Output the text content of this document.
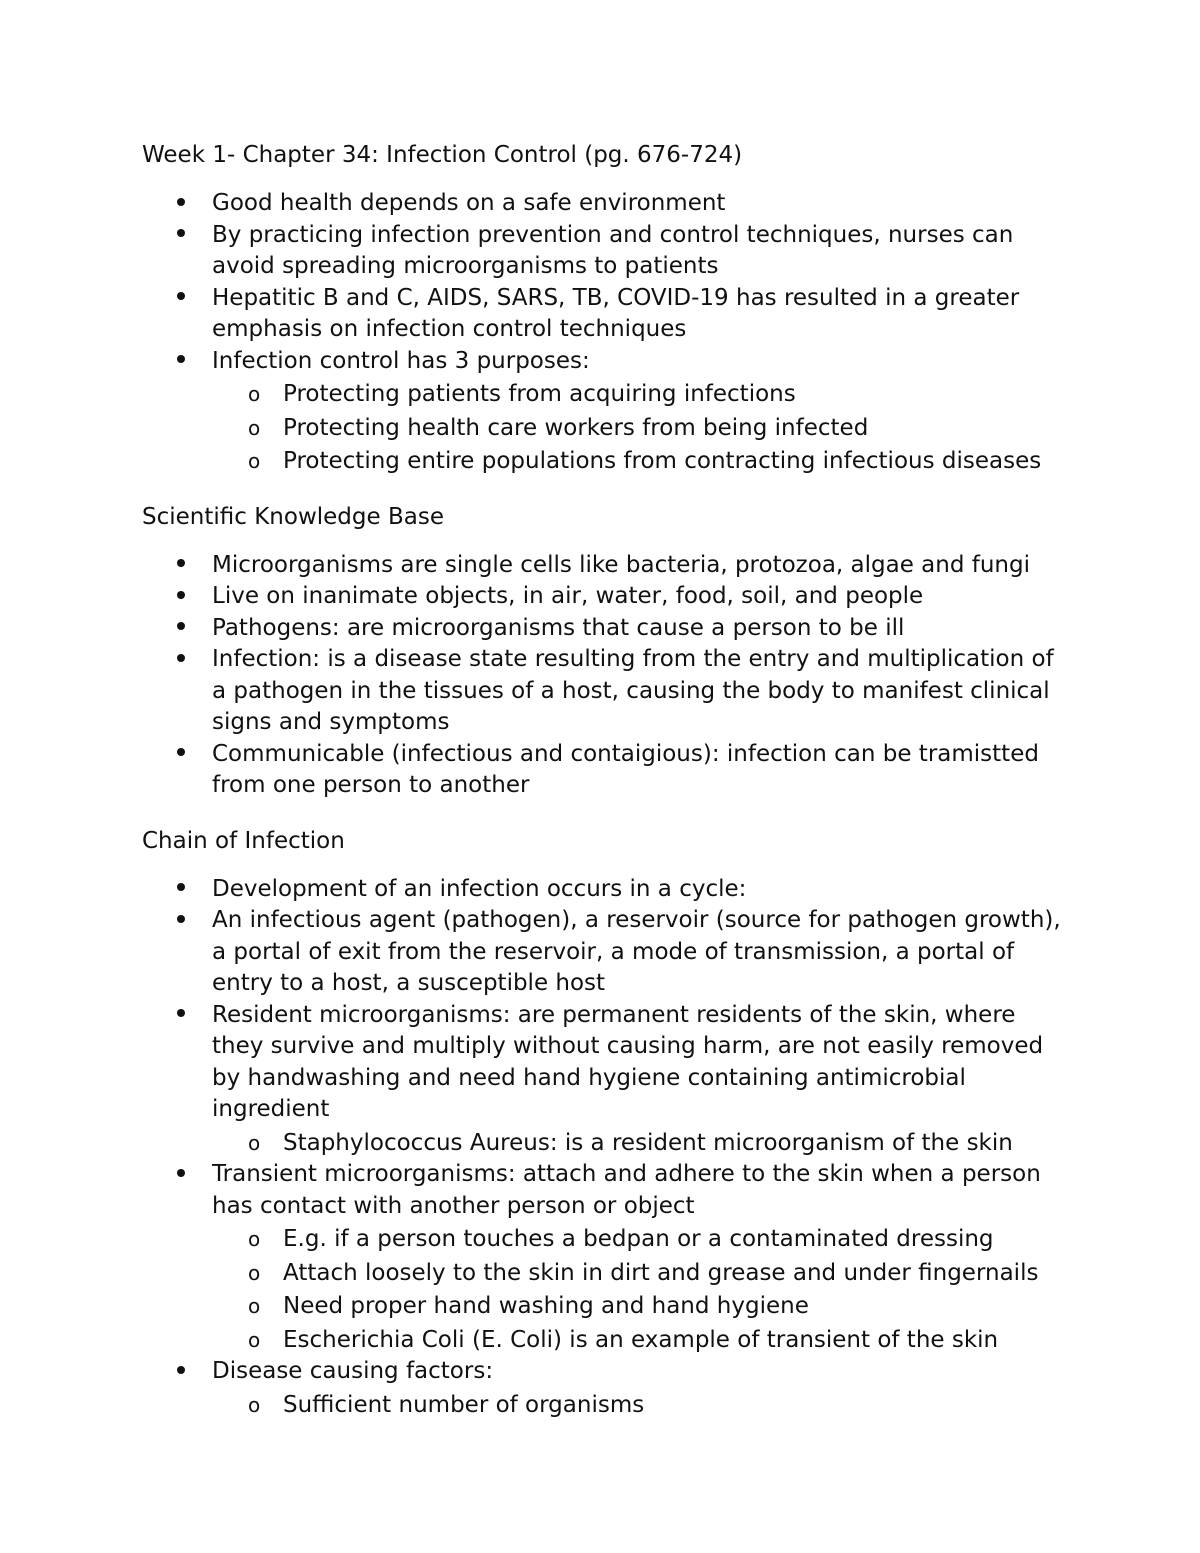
Week 1- Chapter 34: Infection Control (pg. 676-724)
Good health depends on a safe environment
By practicing infection prevention and control techniques, nurses can avoid spreading microorganisms to patients
Hepatitic B and C, AIDS, SARS, TB, COVID-19 has resulted in a greater emphasis on infection control techniques
Infection control has 3 purposes:
o Protecting patients from acquiring infections
o Protecting health care workers from being infected
o Protecting entire populations from contracting infectious diseases
Scientific Knowledge Base
Microorganisms are single cells like bacteria, protozoa, algae and fungi
Live on inanimate objects, in air, water, food, soil, and people
Pathogens: are microorganisms that cause a person to be ill
Infection: is a disease state resulting from the entry and multiplication of a pathogen in the tissues of a host, causing the body to manifest clinical signs and symptoms
Communicable (infectious and contaigious): infection can be tramistted from one person to another
Chain of Infection
Development of an infection occurs in a cycle:
An infectious agent (pathogen), a reservoir (source for pathogen growth), a portal of exit from the reservoir, a mode of transmission, a portal of entry to a host, a susceptible host
Resident microorganisms: are permanent residents of the skin, where they survive and multiply without causing harm, are not easily removed by handwashing and need hand hygiene containing antimicrobial ingredient
o Staphylococcus Aureus: is a resident microorganism of the skin
Transient microorganisms: attach and adhere to the skin when a person has contact with another person or object
o E.g. if a person touches a bedpan or a contaminated dressing
o Attach loosely to the skin in dirt and grease and under fingernails
o Need proper hand washing and hand hygiene
o Escherichia Coli (E. Coli) is an example of transient of the skin
Disease causing factors:
o Sufficient number of organisms
